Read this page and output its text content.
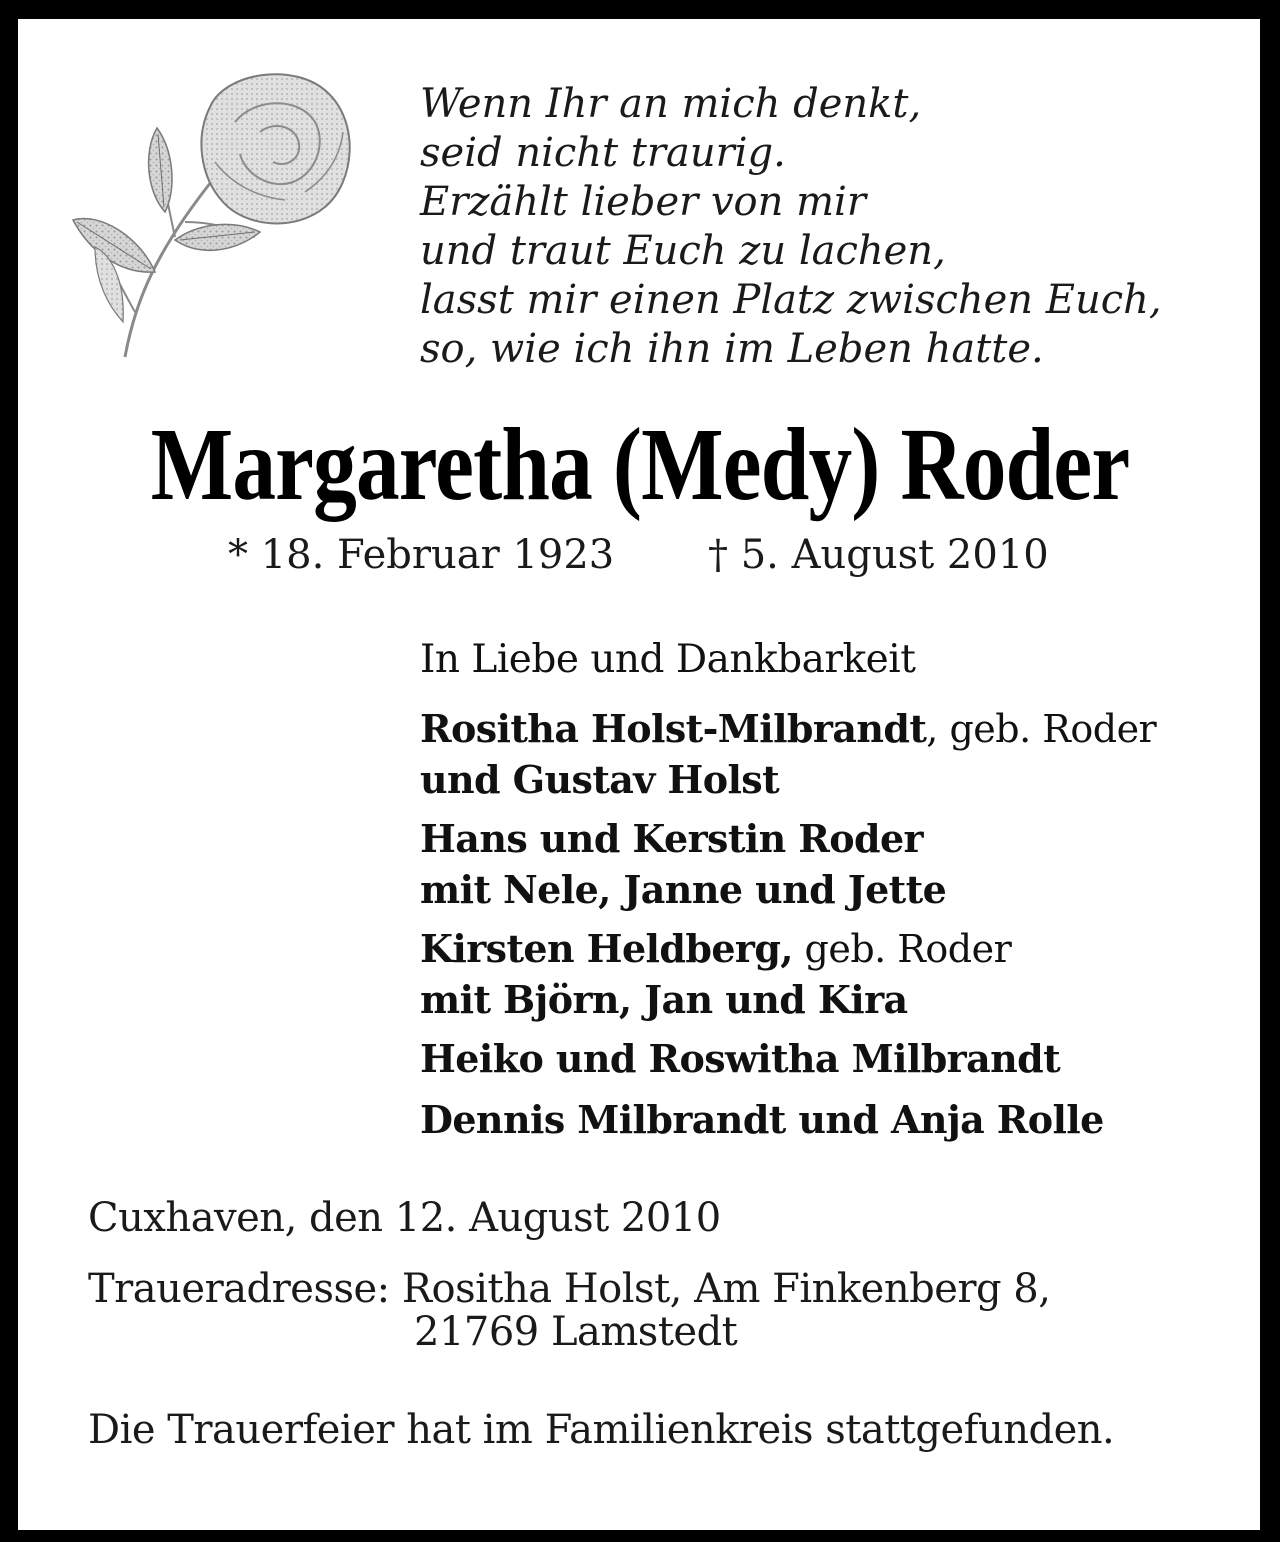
Wenn Ihr an mich denkt,
seid nicht traurig.
Erzählt lieber von mir
und traut Euch zu lachen,
lasst mir einen Platz zwischen Euch,
so, wie ich ihn im Leben hatte.
Margaretha (Medy) Roder
* 18. Februar 1923 † 5. August 2010
In Liebe und Dankbarkeit
Rositha Holst-Milbrandt, geb. Roder
und Gustav Holst
Hans und Kerstin Roder
mit Nele, Janne und Jette
Kirsten Heldberg, geb. Roder
mit Björn, Jan und Kira
Heiko und Roswitha Milbrandt
Dennis Milbrandt und Anja Rolle
Cuxhaven, den 12. August 2010
Traueradresse: Rositha Holst, Am Finkenberg 8,
21769 Lamstedt
Die Trauerfeier hat im Familienkreis stattgefunden.
